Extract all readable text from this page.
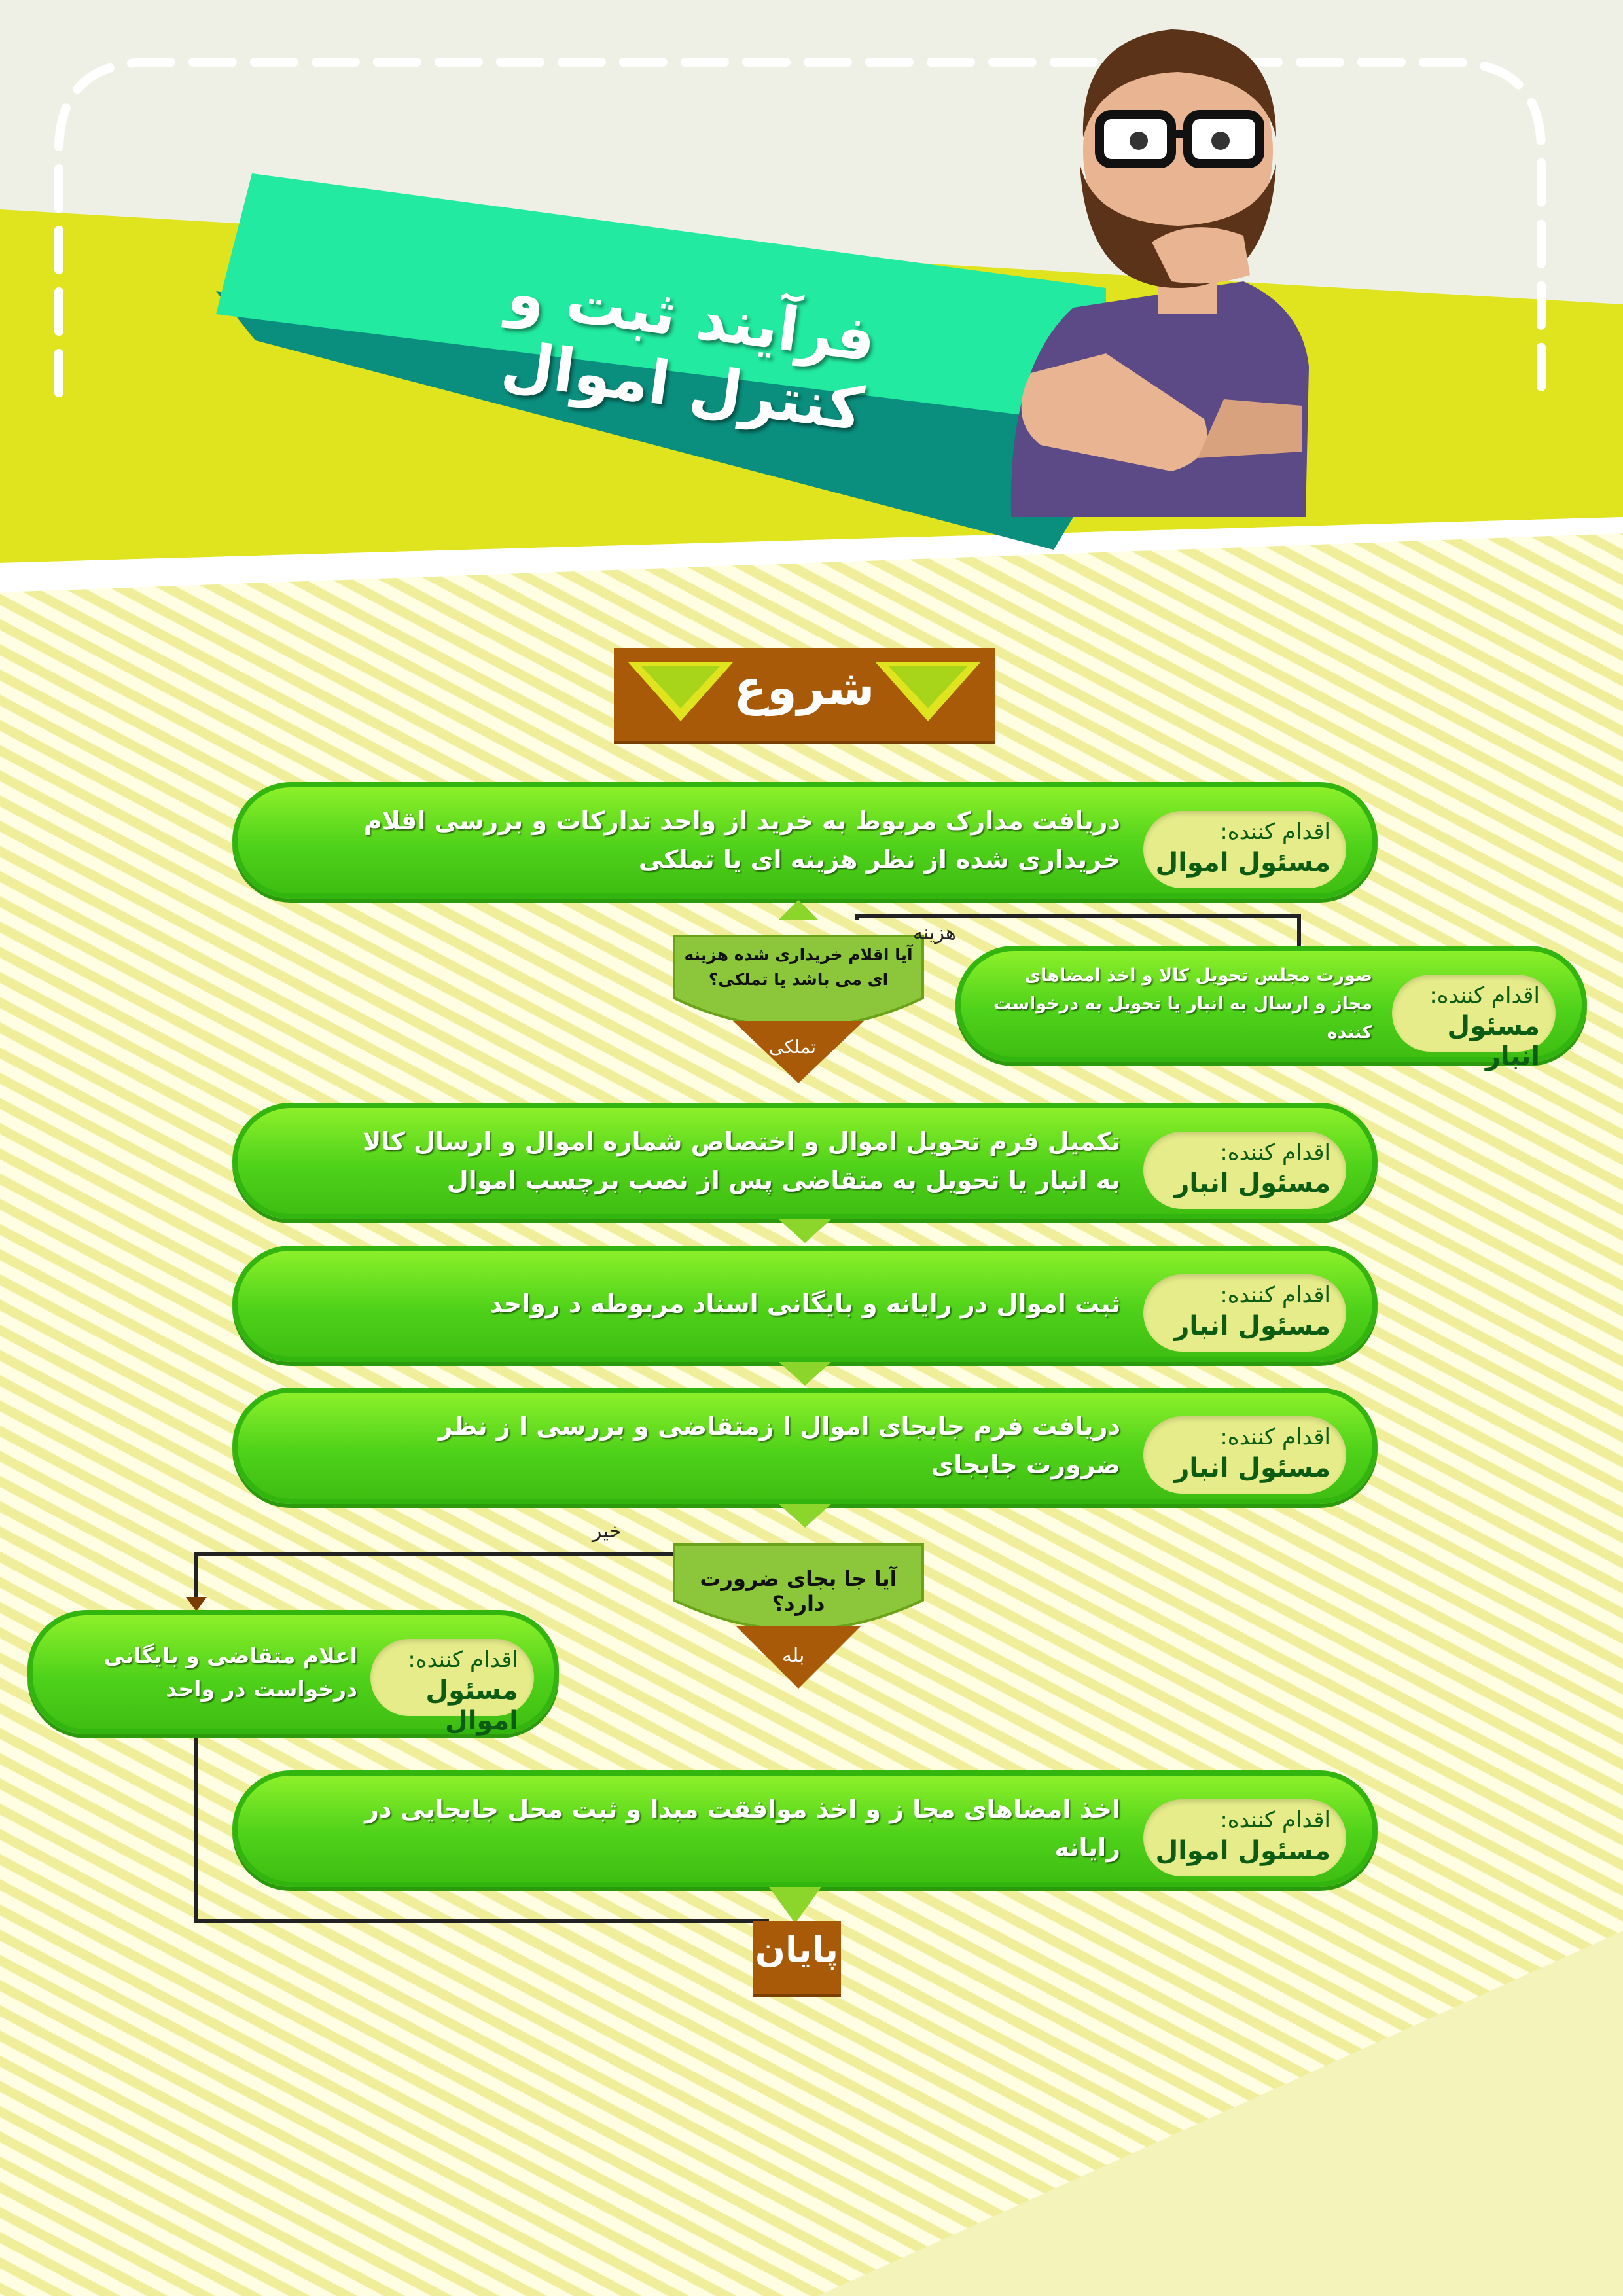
فرآیند ثبت و کنترل اموال
شروع
اقدام کننده:
مسئول اموال
دریافت مدارک مربوط به خرید از واحد تدارکات و بررسی اقلام خریداری شده از نظر هزینه ای یا تملکی
آیا اقلام خریداری شده هزینه ای می باشد یا تملکی؟
تملکی
هزینه
اقدام کننده:
مسئول انبار
صورت مجلس تحویل کالا و اخذ امضاهای مجاز و ارسال به انبار یا تحویل به درخواست کننده
اقدام کننده:
مسئول انبار
تکمیل فرم تحویل اموال و اختصاص شماره اموال و ارسال کالا به انبار یا تحویل به متقاضی پس از نصب برچسب اموال
اقدام کننده:
مسئول انبار
ثبت اموال در رایانه و بایگانی اسناد مربوطه د رواحد
اقدام کننده:
مسئول انبار
دریافت فرم جابجای اموال ا زمتقاضی و بررسی ا ز نظر ضرورت جابجای
آیا جا بجای ضرورت دارد؟
بله
خیر
اقدام کننده:
مسئول اموال
اعلام متقاضی و بایگانی درخواست در واحد
اقدام کننده:
مسئول اموال
اخذ امضاهای مجا ز و اخذ موافقت مبدا و ثبت محل جابجایی در رایانه
پایان
